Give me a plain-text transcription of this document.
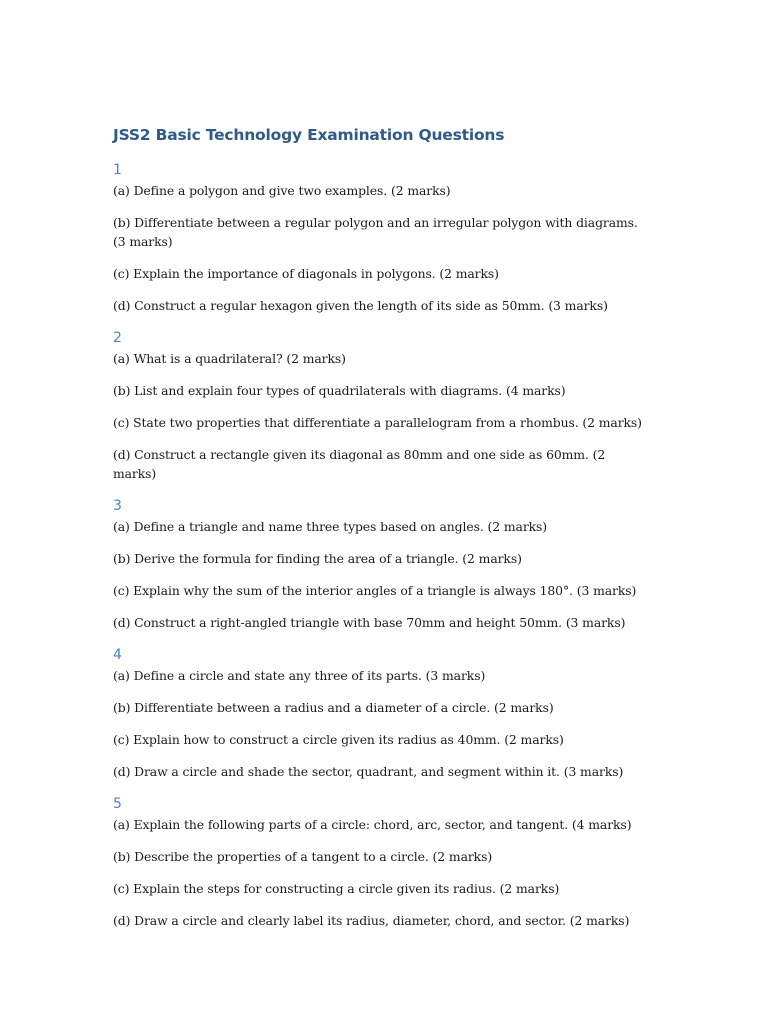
JSS2 Basic Technology Examination Questions
1

(a) Define a polygon and give two examples. (2 marks)

(b) Differentiate between a regular polygon and an irregular polygon with diagrams. (3 marks)

(c) Explain the importance of diagonals in polygons. (2 marks)

(d) Construct a regular hexagon given the length of its side as 50mm. (3 marks)

2

(a) What is a quadrilateral? (2 marks)

(b) List and explain four types of quadrilaterals with diagrams. (4 marks)

(c) State two properties that differentiate a parallelogram from a rhombus. (2 marks)

(d) Construct a rectangle given its diagonal as 80mm and one side as 60mm. (2 marks)

3

(a) Define a triangle and name three types based on angles. (2 marks)

(b) Derive the formula for finding the area of a triangle. (2 marks)

(c) Explain why the sum of the interior angles of a triangle is always 180°. (3 marks)

(d) Construct a right-angled triangle with base 70mm and height 50mm. (3 marks)

4

(a) Define a circle and state any three of its parts. (3 marks)

(b) Differentiate between a radius and a diameter of a circle. (2 marks)

(c) Explain how to construct a circle given its radius as 40mm. (2 marks)

(d) Draw a circle and shade the sector, quadrant, and segment within it. (3 marks)

5

(a) Explain the following parts of a circle: chord, arc, sector, and tangent. (4 marks)

(b) Describe the properties of a tangent to a circle. (2 marks)

(c) Explain the steps for constructing a circle given its radius. (2 marks)

(d) Draw a circle and clearly label its radius, diameter, chord, and sector. (2 marks)
